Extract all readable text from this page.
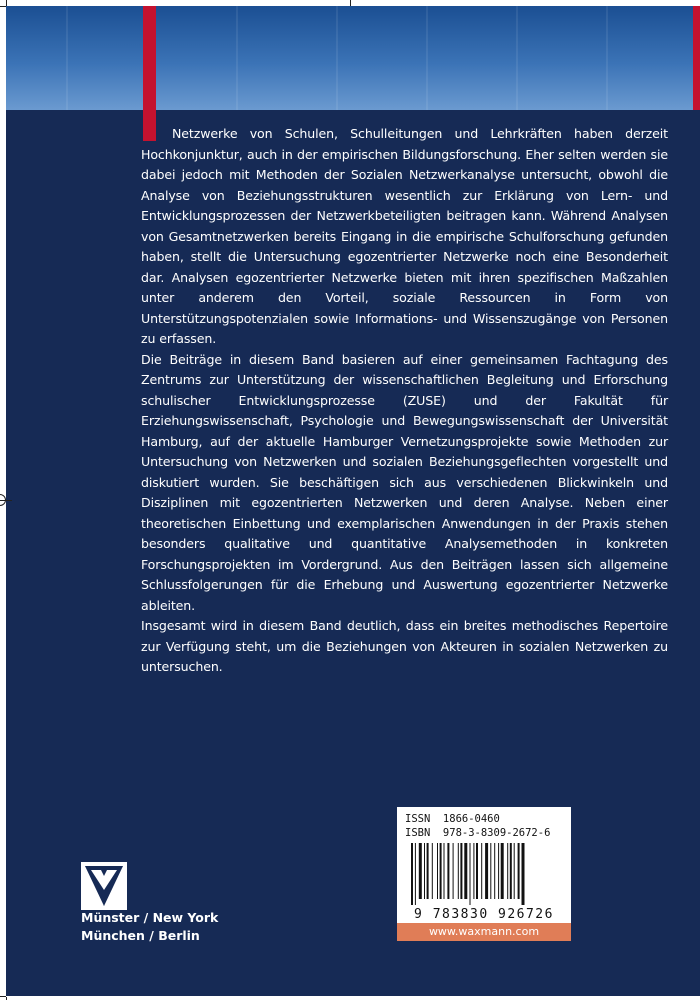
Netzwerke von Schulen, Schulleitungen und Lehrkräften haben derzeit Hochkonjunktur, auch in der empirischen Bildungsforschung. Eher selten werden sie dabei jedoch mit Methoden der Sozialen Netzwerkanalyse untersucht, obwohl die Analyse von Beziehungsstrukturen wesentlich zur Erklärung von Lern- und Entwicklungsprozessen der Netzwerkbeteiligten beitragen kann. Während Analysen von Gesamtnetzwerken bereits Eingang in die empirische Schulforschung gefunden haben, stellt die Untersuchung egozentrierter Netzwerke noch eine Besonderheit dar. Analysen egozentrierter Netzwerke bieten mit ihren spezifischen Maßzahlen unter anderem den Vorteil, soziale Ressourcen in Form von Unterstützungspotenzialen sowie Informations- und Wissenszugänge von Personen zu erfassen.

Die Beiträge in diesem Band basieren auf einer gemeinsamen Fachtagung des Zentrums zur Unterstützung der wissenschaftlichen Begleitung und Erforschung schulischer Entwicklungsprozesse (ZUSE) und der Fakultät für Erziehungswissenschaft, Psychologie und Bewegungswissenschaft der Universität Hamburg, auf der aktuelle Hamburger Vernetzungsprojekte sowie Methoden zur Untersuchung von Netzwerken und sozialen Beziehungsgeflechten vorgestellt und diskutiert wurden. Sie beschäftigen sich aus verschiedenen Blickwinkeln und Disziplinen mit egozentrierten Netzwerken und deren Analyse. Neben einer theoretischen Einbettung und exemplarischen Anwendungen in der Praxis stehen besonders qualitative und quantitative Analysemethoden in konkreten Forschungsprojekten im Vordergrund. Aus den Beiträgen lassen sich allgemeine Schlussfolgerungen für die Erhebung und Auswertung egozentrierter Netzwerke ableiten.

Insgesamt wird in diesem Band deutlich, dass ein breites methodisches Repertoire zur Verfügung steht, um die Beziehungen von Akteuren in sozialen Netzwerken zu untersuchen.

Münster / New York
München / Berlin
ISSN  1866-0460
ISBN  978-3-8309-2672-6
9 783830 926726
www.waxmann.com
